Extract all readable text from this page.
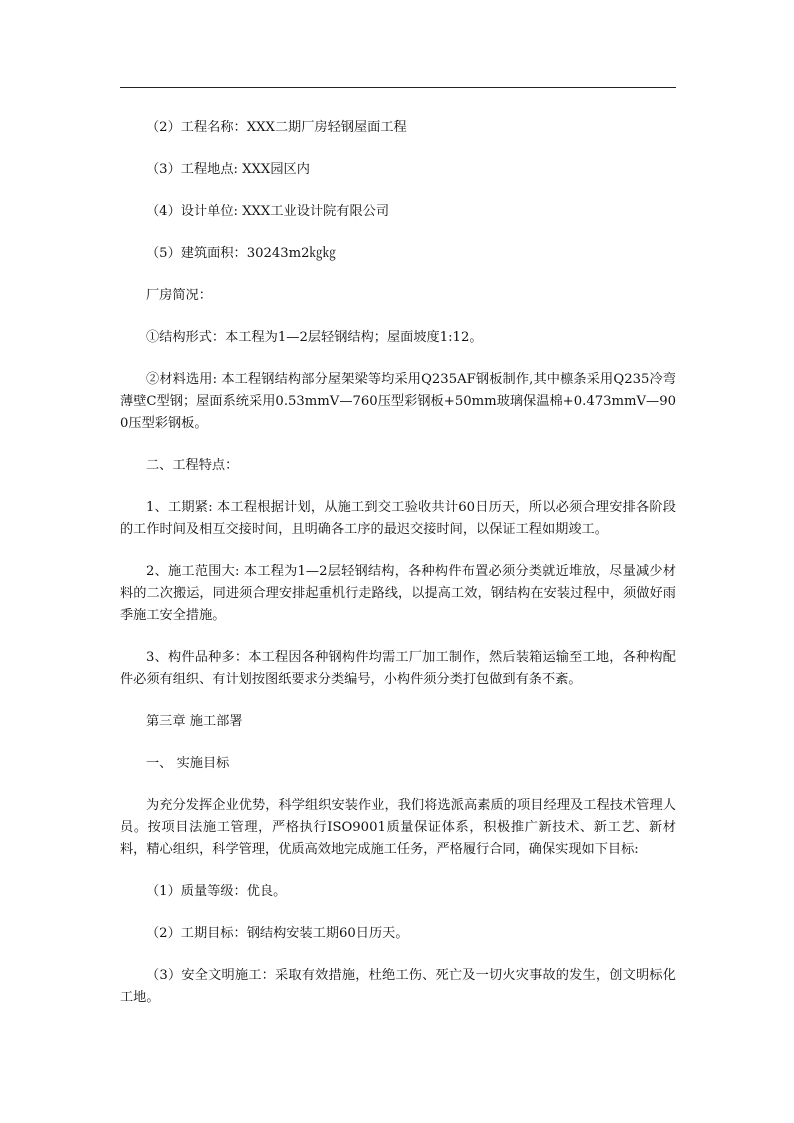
（2）工程名称：XXX二期厂房轻钢屋面工程

（3）工程地点: XXX园区内

（4）设计单位: XXX工业设计院有限公司

（5）建筑面积：30243m2㎏㎏

厂房简况：

①结构形式：本工程为1—2层轻钢结构；屋面坡度1:12。

②材料选用: 本工程钢结构部分屋架梁等均采用Q235AF钢板制作,其中檩条采用Q235冷弯薄壁C型钢；屋面系统采用0.53mmV—760压型彩钢板+50mm玻璃保温棉+0.473mmV—900压型彩钢板。

二、工程特点：

1、工期紧: 本工程根据计划，从施工到交工验收共计60日历天，所以必须合理安排各阶段的工作时间及相互交接时间，且明确各工序的最迟交接时间，以保证工程如期竣工。

2、施工范围大: 本工程为1—2层轻钢结构，各种构件布置必须分类就近堆放，尽量减少材料的二次搬运，同进须合理安排起重机行走路线，以提高工效，钢结构在安装过程中，须做好雨季施工安全措施。

3、构件品种多：本工程因各种钢构件均需工厂加工制作，然后装箱运输至工地，各种构配件必须有组织、有计划按图纸要求分类编号，小构件须分类打包做到有条不紊。

第三章 施工部署

一、 实施目标

为充分发挥企业优势，科学组织安装作业，我们将选派高素质的项目经理及工程技术管理人员。按项目法施工管理，严格执行ISO9001质量保证体系，积极推广新技术、新工艺、新材料，精心组织，科学管理，优质高效地完成施工任务，严格履行合同，确保实现如下目标:

（1）质量等级：优良。

（2）工期目标：钢结构安装工期60日历天。

（3）安全文明施工：采取有效措施，杜绝工伤、死亡及一切火灾事故的发生，创文明标化工地。
